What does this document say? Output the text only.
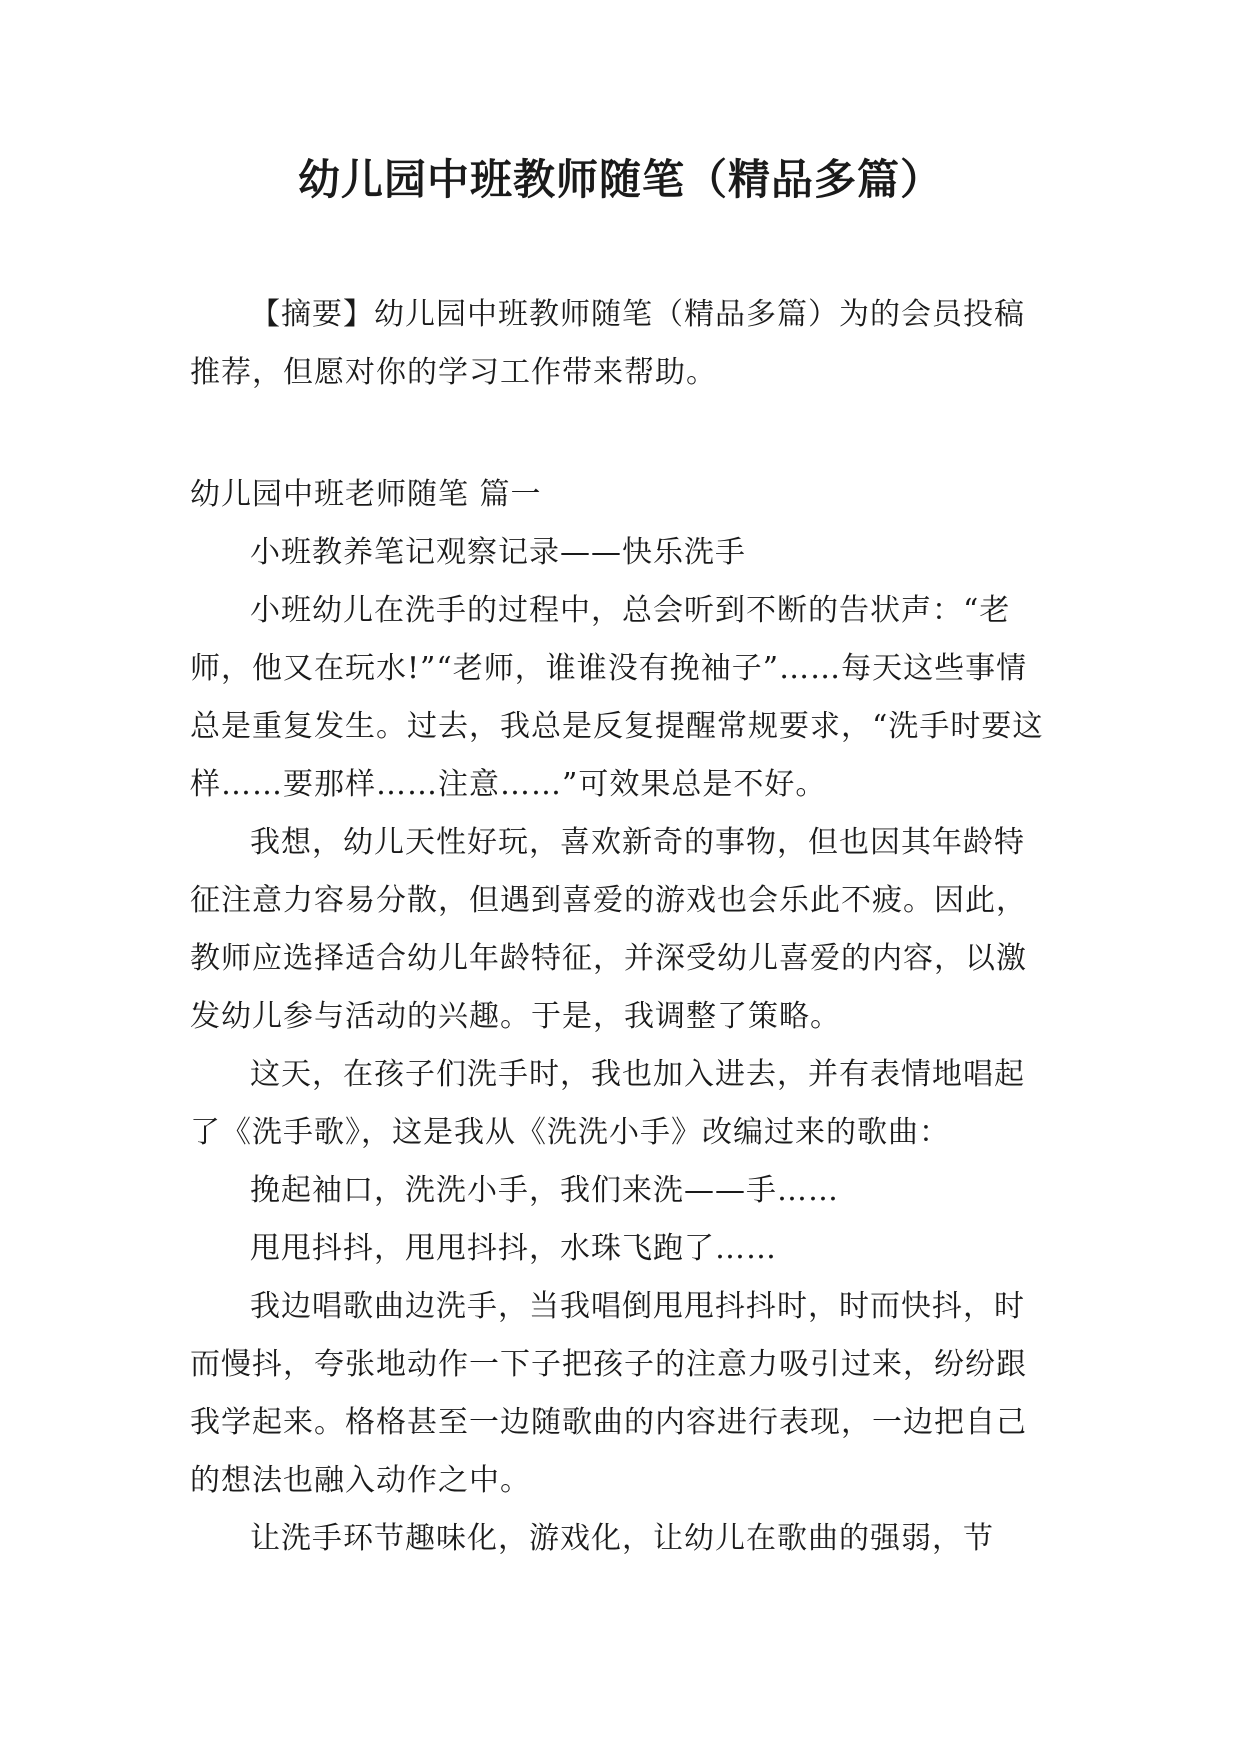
幼儿园中班教师随笔（精品多篇）

【摘要】幼儿园中班教师随笔（精品多篇）为的会员投稿推荐，但愿对你的学习工作带来帮助。

幼儿园中班老师随笔 篇一

小班教养笔记观察记录——快乐洗手

小班幼儿在洗手的过程中，总会听到不断的告状声：“老师，他又在玩水!”“老师，谁谁没有挽袖子”……每天这些事情总是重复发生。过去，我总是反复提醒常规要求，“洗手时要这样……要那样……注意……”可效果总是不好。

我想，幼儿天性好玩，喜欢新奇的事物，但也因其年龄特征注意力容易分散，但遇到喜爱的游戏也会乐此不疲。因此，教师应选择适合幼儿年龄特征，并深受幼儿喜爱的内容，以激发幼儿参与活动的兴趣。于是，我调整了策略。

这天，在孩子们洗手时，我也加入进去，并有表情地唱起了《洗手歌》，这是我从《洗洗小手》改编过来的歌曲：

挽起袖口，洗洗小手，我们来洗——手……

甩甩抖抖，甩甩抖抖，水珠飞跑了……

我边唱歌曲边洗手，当我唱倒甩甩抖抖时，时而快抖，时而慢抖，夸张地动作一下子把孩子的注意力吸引过来，纷纷跟我学起来。格格甚至一边随歌曲的内容进行表现，一边把自己的想法也融入动作之中。

让洗手环节趣味化，游戏化，让幼儿在歌曲的强弱，节
